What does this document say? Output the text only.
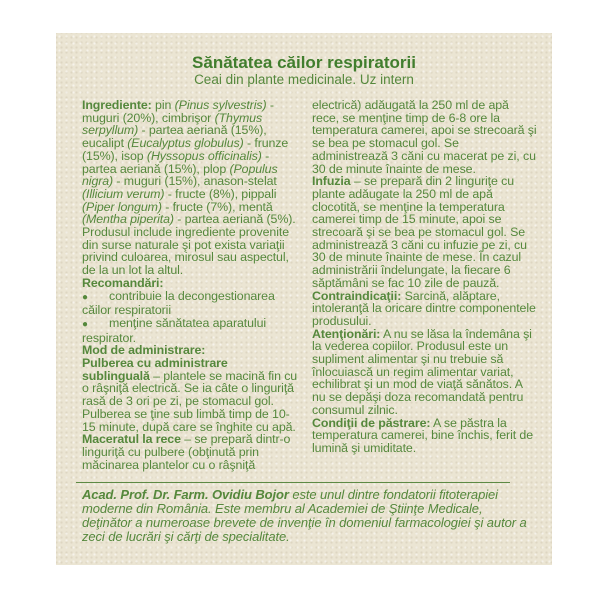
Sănătatea căilor respiratorii
Ceai din plante medicinale. Uz intern

Ingrediente: pin (Pinus sylvestris) - muguri (20%), cimbrişor (Thymus serpyllum) - partea aeriană (15%), eucalipt (Eucalyptus globulus) - frunze (15%), isop (Hyssopus officinalis) - partea aeriană (15%), plop (Populus nigra) - muguri (15%), anason-stelat (Illicium verum) - fructe (8%), pippali (Piper longum) - fructe (7%), mentă (Mentha piperita) - partea aeriană (5%). Produsul include ingrediente provenite din surse naturale şi pot exista variaţii privind culoarea, mirosul sau aspectul, de la un lot la altul.

Recomandări:

● contribuie la decongestionarea căilor respiratorii

● menţine sănătatea aparatului respirator.

Mod de administrare:

Pulberea cu administrare sublinguală – plantele se macină fin cu o râşniţă electrică. Se ia câte o linguriţă rasă de 3 ori pe zi, pe stomacul gol. Pulberea se ţine sub limbă timp de 10-15 minute, după care se înghite cu apă.

Maceratul la rece – se prepară dintr-o linguriţă cu pulbere (obţinută prin măcinarea plantelor cu o râşniţă

electrică) adăugată la 250 ml de apă rece, se menţine timp de 6-8 ore la temperatura camerei, apoi se strecoară şi se bea pe stomacul gol. Se administrează 3 căni cu macerat pe zi, cu 30 de minute înainte de mese.

Infuzia – se prepară din 2 linguriţe cu plante adăugate la 250 ml de apă clocotită, se menţine la temperatura camerei timp de 15 minute, apoi se strecoară şi se bea pe stomacul gol. Se administrează 3 căni cu infuzie pe zi, cu 30 de minute înainte de mese. În cazul administrării îndelungate, la fiecare 6 săptămâni se fac 10 zile de pauză.

Contraindicaţii: Sarcină, alăptare, intoleranţă la oricare dintre componentele produsului.

Atenţionări: A nu se lăsa la îndemâna şi la vederea copiilor. Produsul este un supliment alimentar şi nu trebuie să înlocuiască un regim alimentar variat, echilibrat şi un mod de viaţă sănătos. A nu se depăşi doza recomandată pentru consumul zilnic.

Condiţii de păstrare: A se păstra la temperatura camerei, bine închis, ferit de lumină şi umiditate.

Acad. Prof. Dr. Farm. Ovidiu Bojor este unul dintre fondatorii fitoterapiei moderne din România. Este membru al Academiei de Ştiinţe Medicale, deţinător a numeroase brevete de invenţie în domeniul farmacologiei şi autor a zeci de lucrări şi cărţi de specialitate.
